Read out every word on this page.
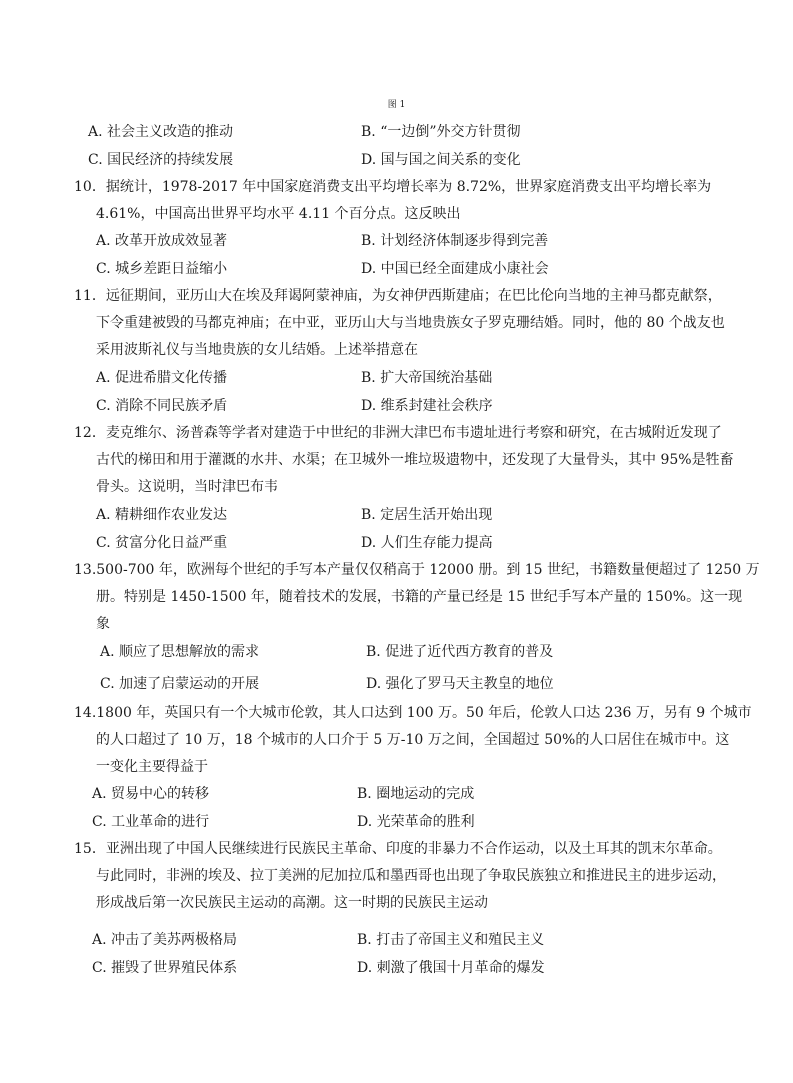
图 1
A. 社会主义改造的推动	B. “一边倒”外交方针贯彻
C. 国民经济的持续发展	D. 国与国之间关系的变化
10．据统计，1978-2017 年中国家庭消费支出平均增长率为 8.72%，世界家庭消费支出平均增长率为
4.61%，中国高出世界平均水平 4.11 个百分点。这反映出
A. 改革开放成效显著	B. 计划经济体制逐步得到完善
C. 城乡差距日益缩小	D. 中国已经全面建成小康社会
11．远征期间，亚历山大在埃及拜谒阿蒙神庙，为女神伊西斯建庙；在巴比伦向当地的主神马都克献祭，
下令重建被毁的马都克神庙；在中亚，亚历山大与当地贵族女子罗克珊结婚。同时，他的 80 个战友也
采用波斯礼仪与当地贵族的女儿结婚。上述举措意在
A. 促进希腊文化传播	B. 扩大帝国统治基础
C. 消除不同民族矛盾	D. 维系封建社会秩序
12．麦克维尔、汤普森等学者对建造于中世纪的非洲大津巴布韦遗址进行考察和研究，在古城附近发现了
古代的梯田和用于灌溉的水井、水渠；在卫城外一堆垃圾遗物中，还发现了大量骨头，其中 95%是牲畜
骨头。这说明，当时津巴布韦
A. 精耕细作农业发达	B. 定居生活开始出现
C. 贫富分化日益严重	D. 人们生存能力提高
13.500-700 年，欧洲每个世纪的手写本产量仅仅稍高于 12000 册。到 15 世纪，书籍数量便超过了 1250 万
册。特别是 1450-1500 年，随着技术的发展，书籍的产量已经是 15 世纪手写本产量的 150%。这一现
象
A. 顺应了思想解放的需求	B. 促进了近代西方教育的普及
C. 加速了启蒙运动的开展	D. 强化了罗马天主教皇的地位
14.1800 年，英国只有一个大城市伦敦，其人口达到 100 万。50 年后，伦敦人口达 236 万，另有 9 个城市
的人口超过了 10 万，18 个城市的人口介于 5 万-10 万之间，全国超过 50%的人口居住在城市中。这
一变化主要得益于
A. 贸易中心的转移	B. 圈地运动的完成
C. 工业革命的进行	D. 光荣革命的胜利
15．亚洲出现了中国人民继续进行民族民主革命、印度的非暴力不合作运动，以及土耳其的凯末尔革命。
与此同时，非洲的埃及、拉丁美洲的尼加拉瓜和墨西哥也出现了争取民族独立和推进民主的进步运动，
形成战后第一次民族民主运动的高潮。这一时期的民族民主运动
A. 冲击了美苏两极格局	B. 打击了帝国主义和殖民主义
C. 摧毁了世界殖民体系	D. 刺激了俄国十月革命的爆发
